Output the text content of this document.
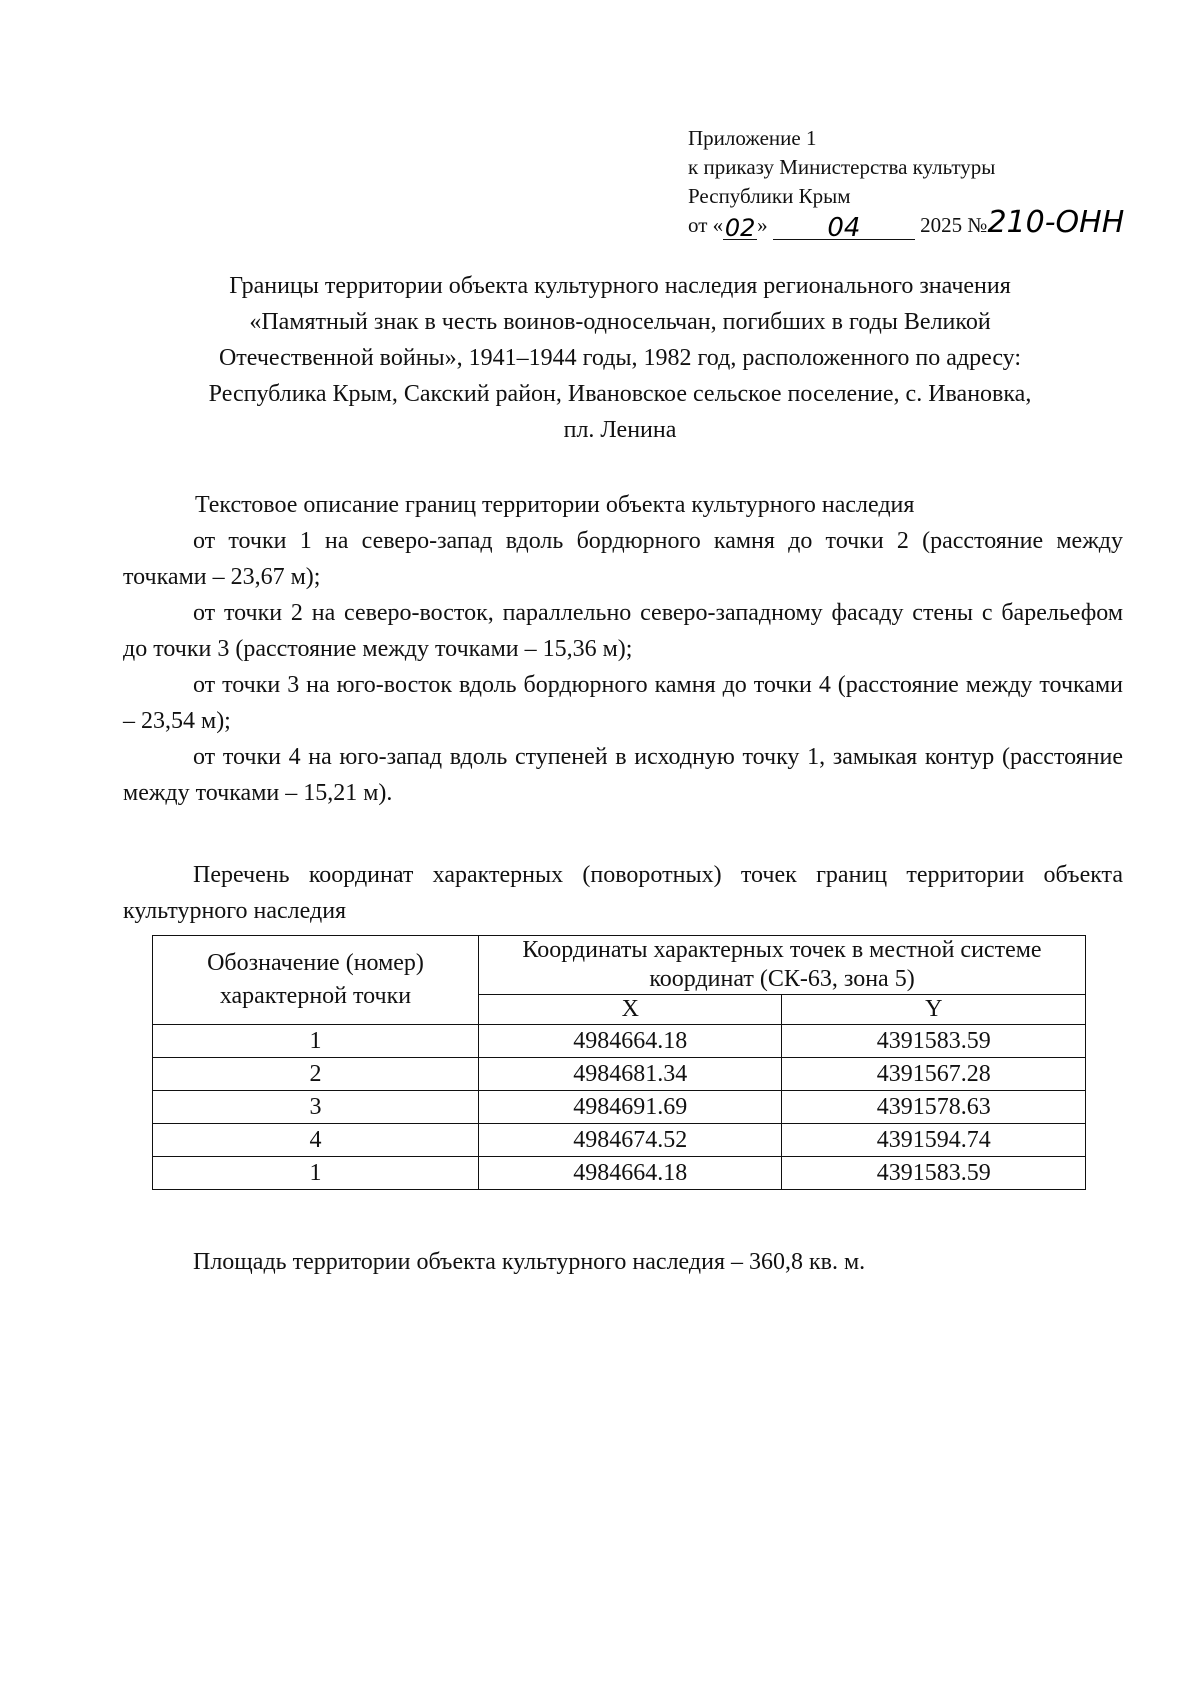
Приложение 1
к приказу Министерства культуры
Республики Крым
от «02» 04	2025 №210-ОНН
Границы территории объекта культурного наследия регионального значения
«Памятный знак в честь воинов-односельчан, погибших в годы Великой
Отечественной войны», 1941–1944 годы, 1982 год, расположенного по адресу:
Республика Крым, Сакский район, Ивановское сельское поселение, с. Ивановка,
пл. Ленина

Текстовое описание границ территории объекта культурного наследия

от точки 1 на северо-запад вдоль бордюрного камня до точки 2 (расстояние между точками – 23,67 м);

от точки 2 на северо-восток, параллельно северо-западному фасаду стены с барельефом до точки 3 (расстояние между точками – 15,36 м);

от точки 3 на юго-восток вдоль бордюрного камня до точки 4 (расстояние между точками – 23,54 м);

от точки 4 на юго-запад вдоль ступеней в исходную точку 1, замыкая контур (расстояние между точками – 15,21 м).

Перечень координат характерных (поворотных) точек границ территории объекта культурного наследия

Обозначение (номер) характерной точки	Координаты характерных точек в местной системе координат (СК-63, зона 5)	
	X	Y
1	4984664.18	4391583.59
2	4984681.34	4391567.28
3	4984691.69	4391578.63
4	4984674.52	4391594.74
1	4984664.18	4391583.59
Площадь территории объекта культурного наследия – 360,8 кв. м.
